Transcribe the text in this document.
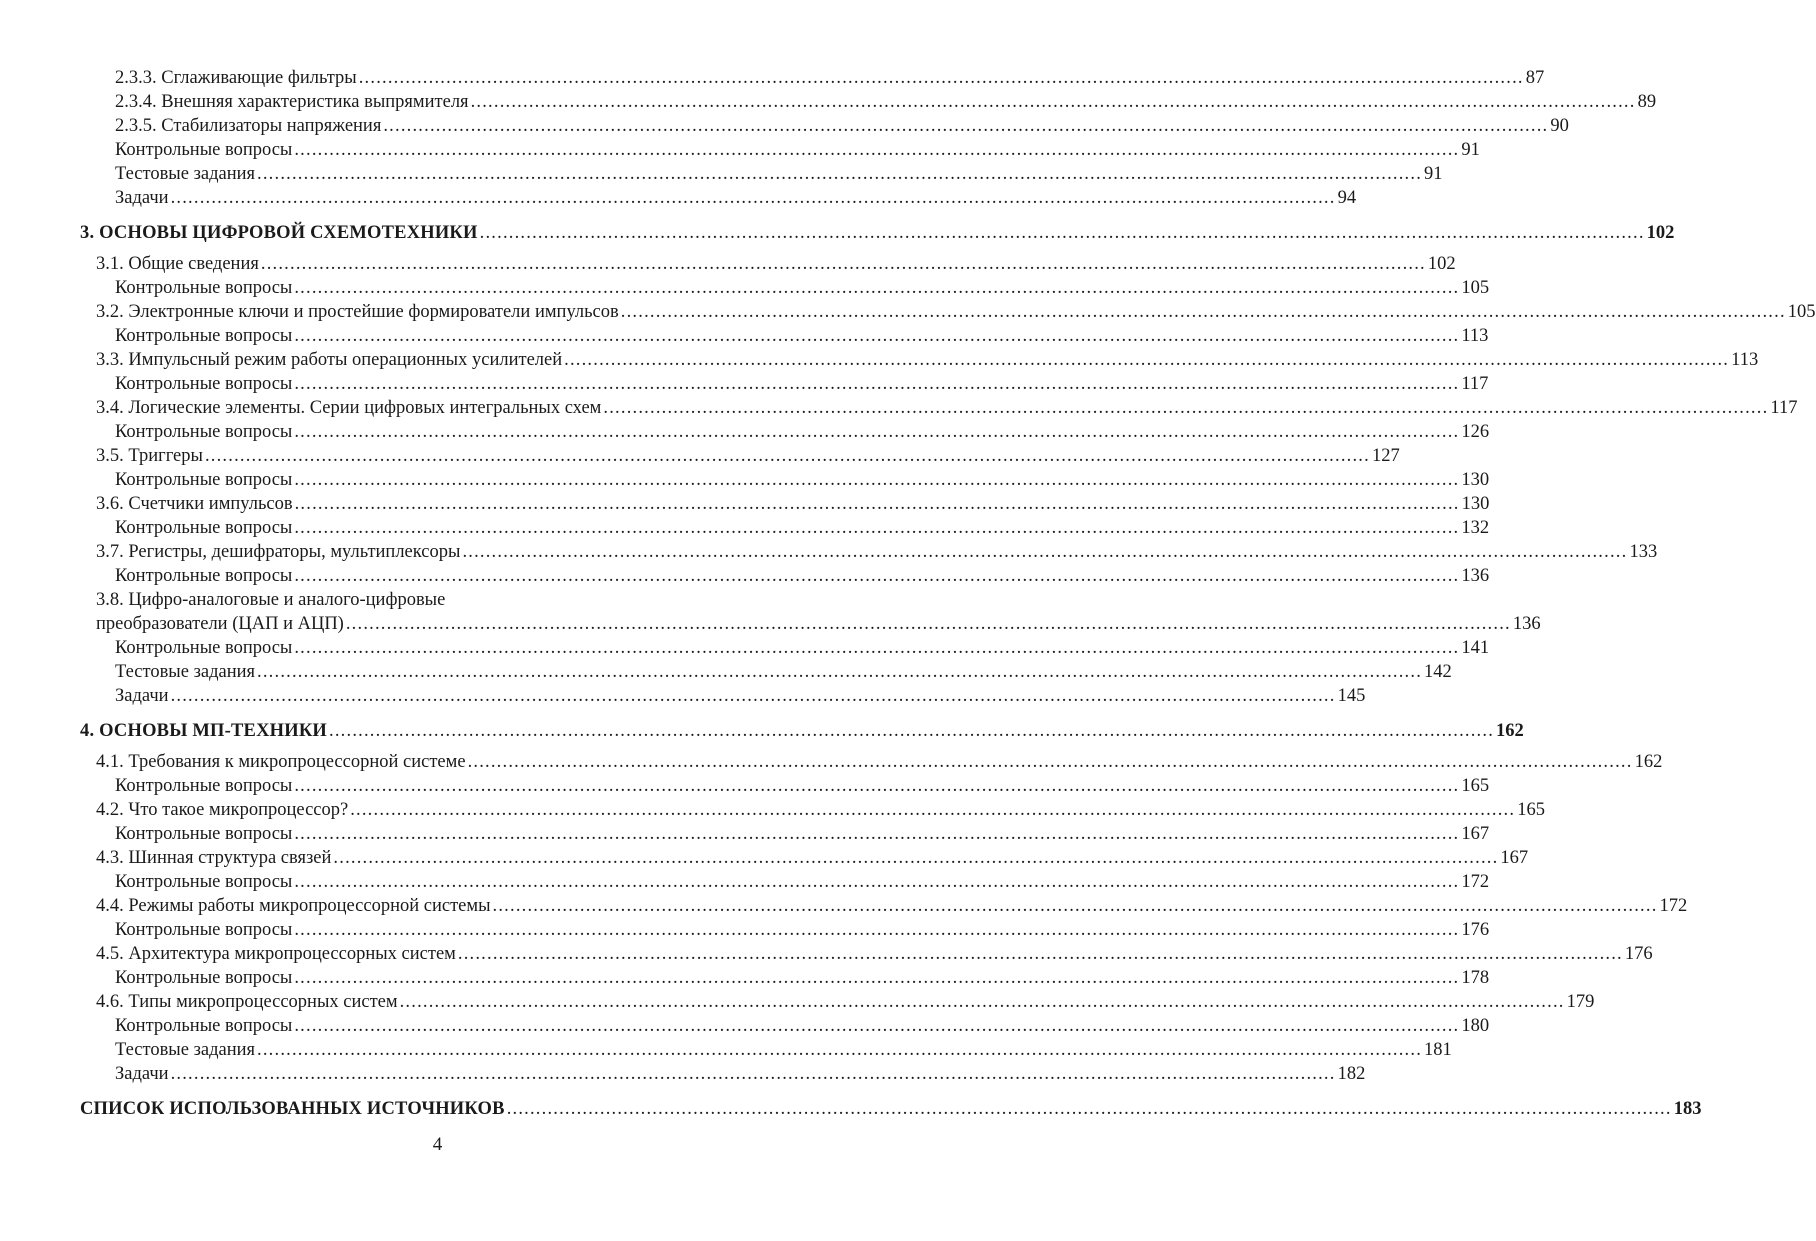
2.3.3. Сглаживающие фильтры ........................................................................................................................................................................................................ 87
2.3.4. Внешняя характеристика выпрямителя ........................................................................................................................................................................................................ 89
2.3.5. Стабилизаторы напряжения ........................................................................................................................................................................................................ 90
Контрольные вопросы ........................................................................................................................................................................................................ 91
Тестовые задания ........................................................................................................................................................................................................ 91
Задачи ........................................................................................................................................................................................................ 94
3. ОСНОВЫ ЦИФРОВОЙ СХЕМОТЕХНИКИ ........................................................................................................................................................................................................ 102
3.1. Общие сведения ........................................................................................................................................................................................................ 102
Контрольные вопросы ........................................................................................................................................................................................................ 105
3.2. Электронные ключи и простейшие формирователи импульсов ........................................................................................................................................................................................................ 105
Контрольные вопросы ........................................................................................................................................................................................................ 113
3.3. Импульсный режим работы операционных усилителей ........................................................................................................................................................................................................ 113
Контрольные вопросы ........................................................................................................................................................................................................ 117
3.4. Логические элементы. Серии цифровых интегральных схем ........................................................................................................................................................................................................ 117
Контрольные вопросы ........................................................................................................................................................................................................ 126
3.5. Триггеры ........................................................................................................................................................................................................ 127
Контрольные вопросы ........................................................................................................................................................................................................ 130
3.6. Счетчики импульсов ........................................................................................................................................................................................................ 130
Контрольные вопросы ........................................................................................................................................................................................................ 132
3.7. Регистры, дешифраторы, мультиплексоры ........................................................................................................................................................................................................ 133
Контрольные вопросы ........................................................................................................................................................................................................ 136
3.8. Цифро-аналоговые и аналого-цифровые
преобразователи (ЦАП и АЦП) ........................................................................................................................................................................................................ 136
Контрольные вопросы ........................................................................................................................................................................................................ 141
Тестовые задания ........................................................................................................................................................................................................ 142
Задачи ........................................................................................................................................................................................................ 145
4. ОСНОВЫ МП-ТЕХНИКИ ........................................................................................................................................................................................................ 162
4.1. Требования к микропроцессорной системе ........................................................................................................................................................................................................ 162
Контрольные вопросы ........................................................................................................................................................................................................ 165
4.2. Что такое микропроцессор? ........................................................................................................................................................................................................ 165
Контрольные вопросы ........................................................................................................................................................................................................ 167
4.3. Шинная структура связей ........................................................................................................................................................................................................ 167
Контрольные вопросы ........................................................................................................................................................................................................ 172
4.4. Режимы работы микропроцессорной системы ........................................................................................................................................................................................................ 172
Контрольные вопросы ........................................................................................................................................................................................................ 176
4.5. Архитектура микропроцессорных систем ........................................................................................................................................................................................................ 176
Контрольные вопросы ........................................................................................................................................................................................................ 178
4.6. Типы микропроцессорных систем ........................................................................................................................................................................................................ 179
Контрольные вопросы ........................................................................................................................................................................................................ 180
Тестовые задания ........................................................................................................................................................................................................ 181
Задачи ........................................................................................................................................................................................................ 182
СПИСОК ИСПОЛЬЗОВАННЫХ ИСТОЧНИКОВ ........................................................................................................................................................................................................ 183
4
